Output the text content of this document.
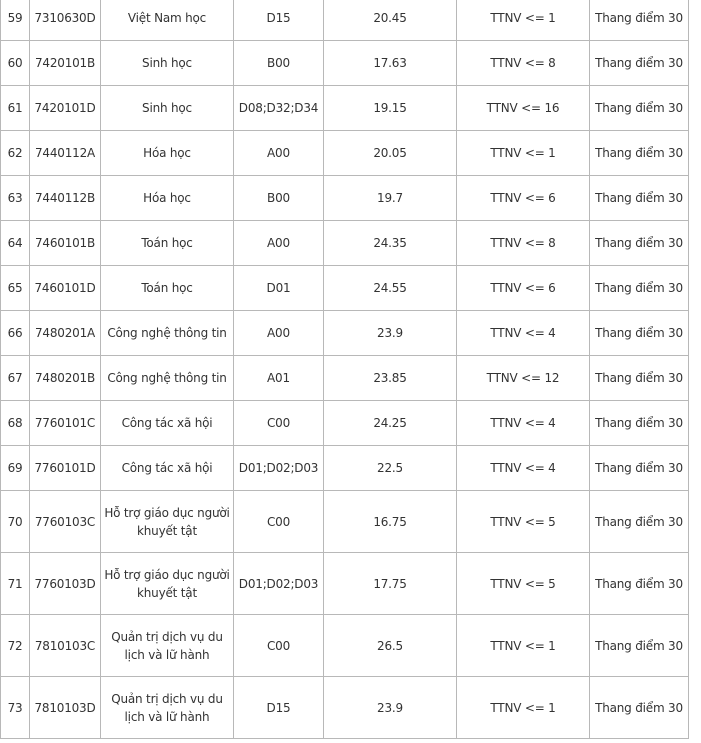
59	7310630D	Việt Nam học	D15	20.45	TTNV <= 1	Thang điểm 30
60	7420101B	Sinh học	B00	17.63	TTNV <= 8	Thang điểm 30
61	7420101D	Sinh học	D08;D32;D34	19.15	TTNV <= 16	Thang điểm 30
62	7440112A	Hóa học	A00	20.05	TTNV <= 1	Thang điểm 30
63	7440112B	Hóa học	B00	19.7	TTNV <= 6	Thang điểm 30
64	7460101B	Toán học	A00	24.35	TTNV <= 8	Thang điểm 30
65	7460101D	Toán học	D01	24.55	TTNV <= 6	Thang điểm 30
66	7480201A	Công nghệ thông tin	A00	23.9	TTNV <= 4	Thang điểm 30
67	7480201B	Công nghệ thông tin	A01	23.85	TTNV <= 12	Thang điểm 30
68	7760101C	Công tác xã hội	C00	24.25	TTNV <= 4	Thang điểm 30
69	7760101D	Công tác xã hội	D01;D02;D03	22.5	TTNV <= 4	Thang điểm 30
70	7760103C	Hỗ trợ giáo dục người khuyết tật	C00	16.75	TTNV <= 5	Thang điểm 30
71	7760103D	Hỗ trợ giáo dục người khuyết tật	D01;D02;D03	17.75	TTNV <= 5	Thang điểm 30
72	7810103C	Quản trị dịch vụ du lịch và lữ hành	C00	26.5	TTNV <= 1	Thang điểm 30
73	7810103D	Quản trị dịch vụ du lịch và lữ hành	D15	23.9	TTNV <= 1	Thang điểm 30
